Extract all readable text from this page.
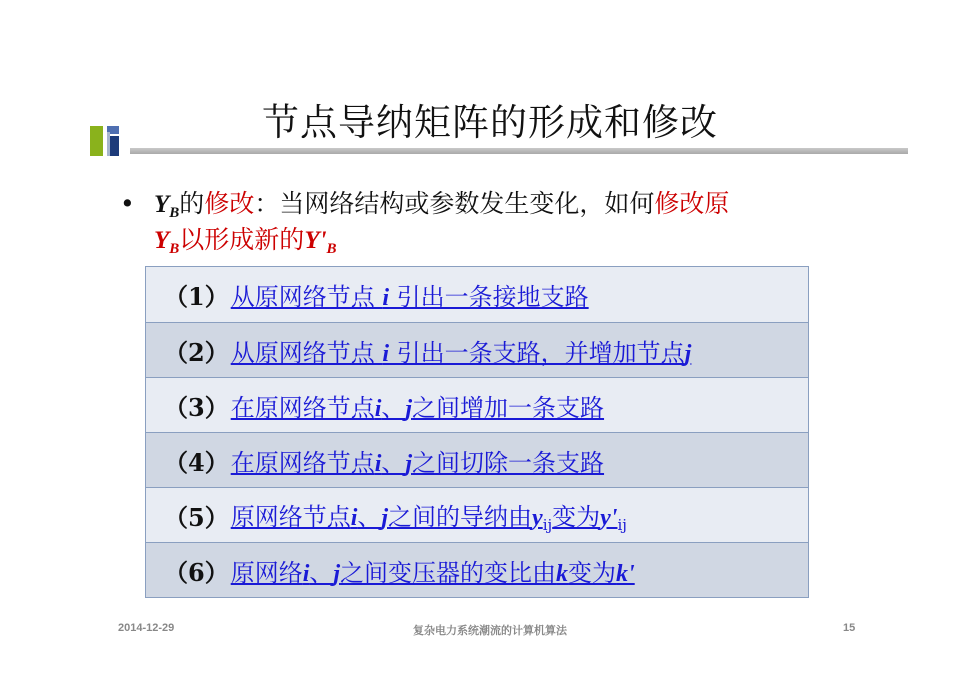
节点导纳矩阵的形成和修改
• $Y_B$的修改：当网络结构或参数发生变化，如何修改原
$Y_B$以形成新的$Y'_B$
（1） 从原网络节点 i 引出一条接地支路
（2） 从原网络节点 i 引出一条支路，并增加节点j
（3） 在原网络节点i、j之间增加一条支路
（4） 在原网络节点i、j之间切除一条支路
（5） 原网络节点i、j之间的导纳由$y_{ij}$变为$y'_{ij}$
（6） 原网络i、j之间变压器的变比由k变为k'
2014-12-29	复杂电力系统潮流的计算机算法	15
